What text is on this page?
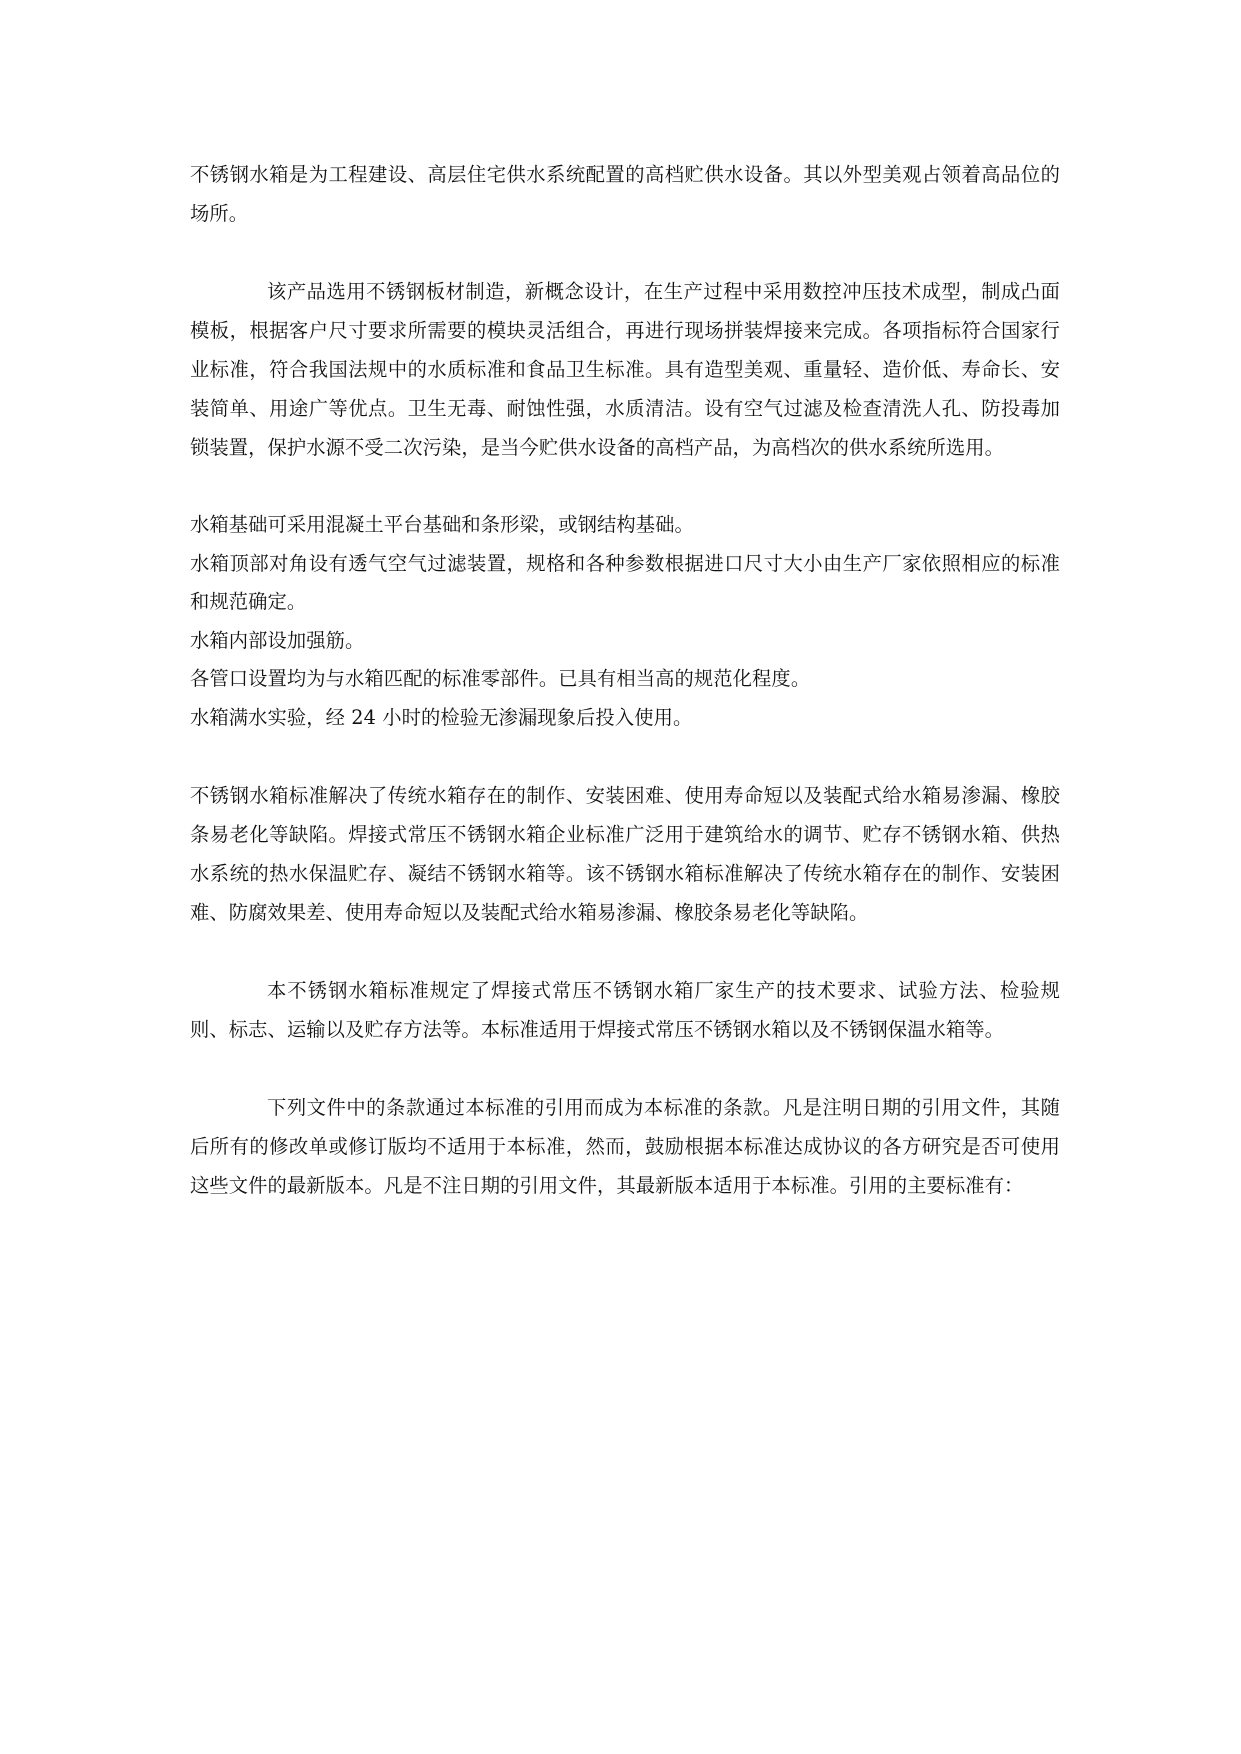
不锈钢水箱是为工程建设、高层住宅供水系统配置的高档贮供水设备。其以外型美观占领着高品位的场所。

该产品选用不锈钢板材制造，新概念设计，在生产过程中采用数控冲压技术成型，制成凸面模板，根据客户尺寸要求所需要的模块灵活组合，再进行现场拼装焊接来完成。各项指标符合国家行业标准，符合我国法规中的水质标准和食品卫生标准。具有造型美观、重量轻、造价低、寿命长、安装简单、用途广等优点。卫生无毒、耐蚀性强，水质清洁。设有空气过滤及检查清洗人孔、防投毒加锁装置，保护水源不受二次污染，是当今贮供水设备的高档产品，为高档次的供水系统所选用。

水箱基础可采用混凝土平台基础和条形梁，或钢结构基础。

水箱顶部对角设有透气空气过滤装置，规格和各种参数根据进口尺寸大小由生产厂家依照相应的标准和规范确定。

水箱内部设加强筋。

各管口设置均为与水箱匹配的标准零部件。已具有相当高的规范化程度。

水箱满水实验，经 24 小时的检验无渗漏现象后投入使用。

不锈钢水箱标准解决了传统水箱存在的制作、安装困难、使用寿命短以及装配式给水箱易渗漏、橡胶条易老化等缺陷。焊接式常压不锈钢水箱企业标准广泛用于建筑给水的调节、贮存不锈钢水箱、供热水系统的热水保温贮存、凝结不锈钢水箱等。该不锈钢水箱标准解决了传统水箱存在的制作、安装困难、防腐效果差、使用寿命短以及装配式给水箱易渗漏、橡胶条易老化等缺陷。

本不锈钢水箱标准规定了焊接式常压不锈钢水箱厂家生产的技术要求、试验方法、检验规则、标志、运输以及贮存方法等。本标准适用于焊接式常压不锈钢水箱以及不锈钢保温水箱等。

下列文件中的条款通过本标准的引用而成为本标准的条款。凡是注明日期的引用文件，其随后所有的修改单或修订版均不适用于本标准，然而，鼓励根据本标准达成协议的各方研究是否可使用这些文件的最新版本。凡是不注日期的引用文件，其最新版本适用于本标准。引用的主要标准有：
